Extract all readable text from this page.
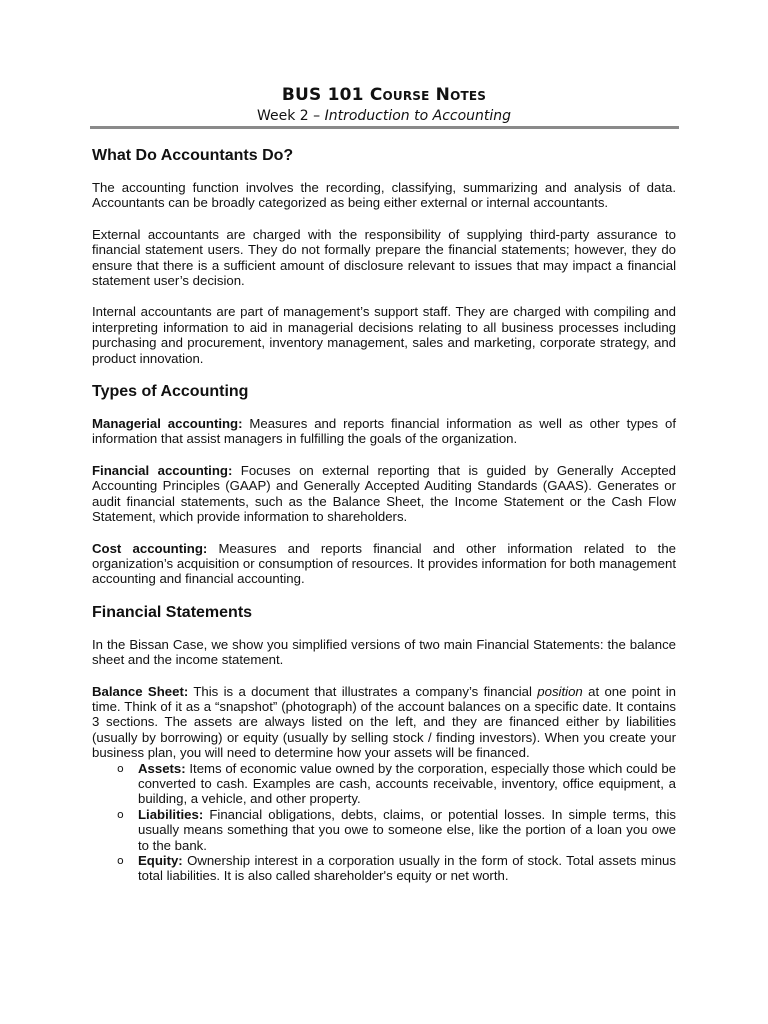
BUS 101 Course Notes
Week 2 – Introduction to Accounting
What Do Accountants Do?

The accounting function involves the recording, classifying, summarizing and analysis of data. Accountants can be broadly categorized as being either external or internal accountants.

External accountants are charged with the responsibility of supplying third-party assurance to financial statement users. They do not formally prepare the financial statements; however, they do ensure that there is a sufficient amount of disclosure relevant to issues that may impact a financial statement user’s decision.

Internal accountants are part of management’s support staff. They are charged with compiling and interpreting information to aid in managerial decisions relating to all business processes including purchasing and procurement, inventory management, sales and marketing, corporate strategy, and product innovation.

Types of Accounting

Managerial accounting: Measures and reports financial information as well as other types of information that assist managers in fulfilling the goals of the organization.

Financial accounting: Focuses on external reporting that is guided by Generally Accepted Accounting Principles (GAAP) and Generally Accepted Auditing Standards (GAAS). Generates or audit financial statements, such as the Balance Sheet, the Income Statement or the Cash Flow Statement, which provide information to shareholders.

Cost accounting: Measures and reports financial and other information related to the organization’s acquisition or consumption of resources. It provides information for both management accounting and financial accounting.

Financial Statements

In the Bissan Case, we show you simplified versions of two main Financial Statements: the balance sheet and the income statement.

Balance Sheet: This is a document that illustrates a company’s financial position at one point in time. Think of it as a “snapshot” (photograph) of the account balances on a specific date. It contains 3 sections. The assets are always listed on the left, and they are financed either by liabilities (usually by borrowing) or equity (usually by selling stock / finding investors). When you create your business plan, you will need to determine how your assets will be financed.

o Assets: Items of economic value owned by the corporation, especially those which could be converted to cash. Examples are cash, accounts receivable, inventory, office equipment, a building, a vehicle, and other property.
o Liabilities: Financial obligations, debts, claims, or potential losses. In simple terms, this usually means something that you owe to someone else, like the portion of a loan you owe to the bank.
o Equity: Ownership interest in a corporation usually in the form of stock. Total assets minus total liabilities. It is also called shareholder's equity or net worth.
